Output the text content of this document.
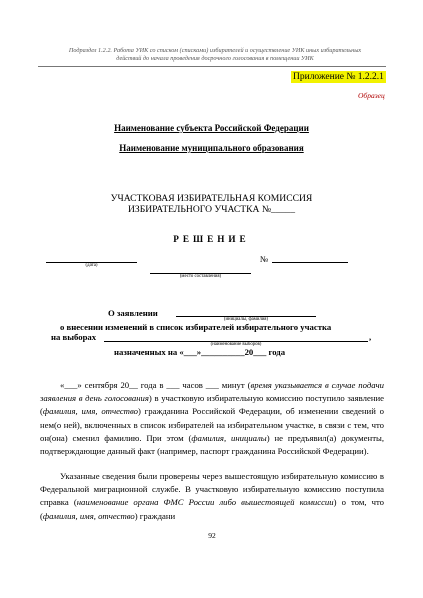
Подраздел 1.2.2. Работа УИК со списком (списками) избирателей и осуществление УИК иных избирательных
действий до начала проведения досрочного голосования в помещении УИК
Приложение № 1.2.2.1
Образец
Наименование субъекта Российской Федерации
Наименование муниципального образования
УЧАСТКОВАЯ ИЗБИРАТЕЛЬНАЯ КОМИССИЯ
ИЗБИРАТЕЛЬНОГО УЧАСТКА №_____
РЕШЕНИЕ
(дата)
№
(место составления)
О заявлении
(инициалы, фамилия)
о внесении изменений в список избирателей избирательного участка
на выборах	,
(наименование выборов)
назначенных на «___»__________20___ года
«___» сентября 20__ года в ___ часов ___ минут (время указывается в случае подачи заявления в день голосования) в участковую избирательную комиссию поступило заявление (фамилия, имя, отчество) гражданина Российской Федерации, об изменении сведений о нем(о ней), включенных в список избирателей на избирательном участке, в связи с тем, что он(она) сменил фамилию. При этом (фамилия, инициалы) не предъявил(а) документы, подтверждающие данный факт (например, паспорт гражданина Российской Федерации).
Указанные сведения были проверены через вышестоящую избирательную комиссию в Федеральной миграционной службе. В участковую избирательную комиссию поступила справка (наименование органа ФМС России либо вышестоящей комиссии) о том, что (фамилия, имя, отчество) граждани
92
